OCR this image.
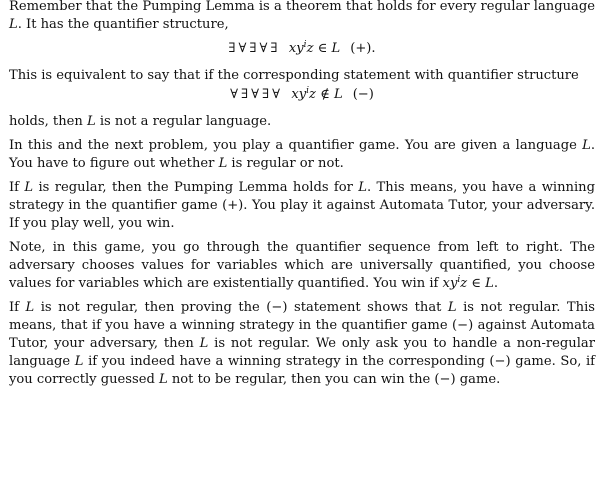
Remember that the Pumping Lemma is a theorem that holds for every regular language L. It has the quantifier structure,

∃∀∃∀∃ $xy^iz$ ∈ L (+).

This is equivalent to say that if the corresponding statement with quantifier structure

∀∃∀∃∀ $xy^iz$ ∉ L (−)

holds, then L is not a regular language.

In this and the next problem, you play a quantifier game. You are given a language L. You have to figure out whether L is regular or not.

If L is regular, then the Pumping Lemma holds for L. This means, you have a winning strategy in the quantifier game (+). You play it against Automata Tutor, your adversary. If you play well, you win.

Note, in this game, you go through the quantifier sequence from left to right. The adversary chooses values for variables which are universally quantified, you choose values for variables which are existentially quantified. You win if $xy^iz$ ∈ L.

If L is not regular, then proving the (−) statement shows that L is not regular. This means, that if you have a winning strategy in the quantifier game (−) against Automata Tutor, your adversary, then L is not regular. We only ask you to handle a non-regular language L if you indeed have a winning strategy in the corresponding (−) game. So, if you correctly guessed L not to be regular, then you can win the (−) game.
